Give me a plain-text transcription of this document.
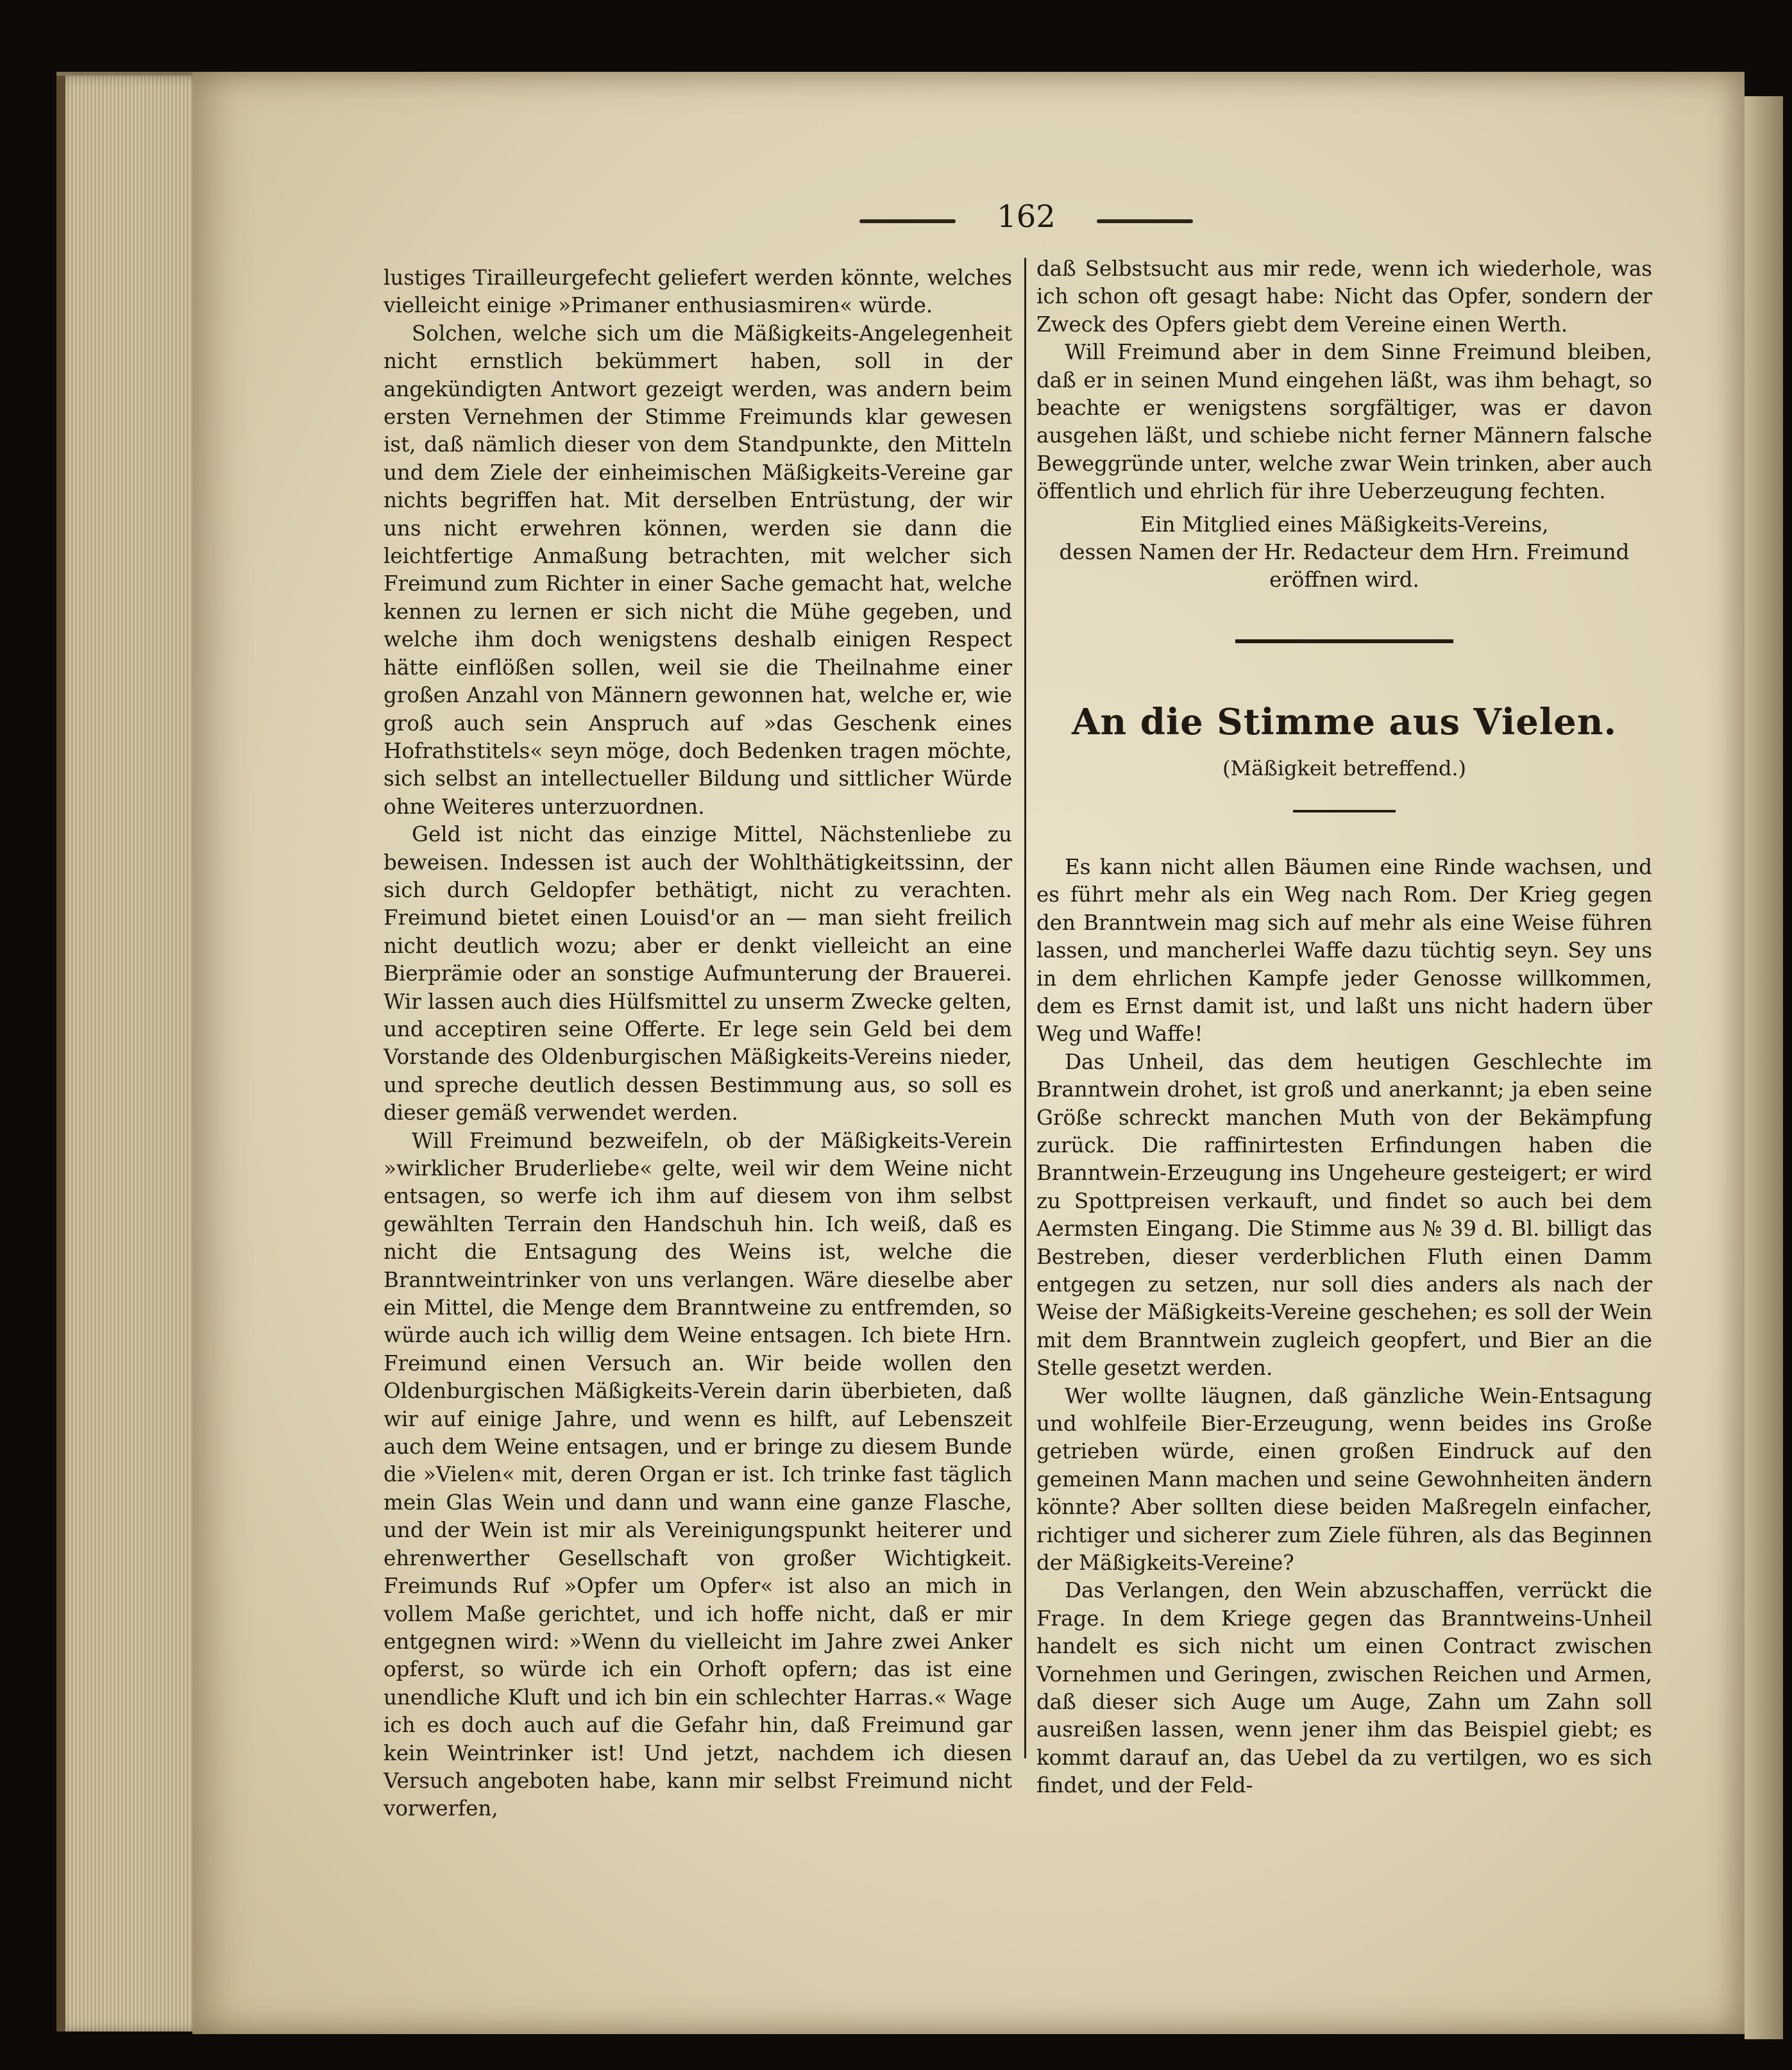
162

lustiges Tirailleurgefecht geliefert werden könnte, welches vielleicht einige »Primaner enthusiasmiren« würde.

Solchen, welche sich um die Mäßigkeits-Angelegenheit nicht ernstlich bekümmert haben, soll in der angekündigten Antwort gezeigt werden, was andern beim ersten Vernehmen der Stimme Freimunds klar gewesen ist, daß nämlich dieser von dem Standpunkte, den Mitteln und dem Ziele der einheimischen Mäßigkeits-Vereine gar nichts begriffen hat. Mit derselben Entrüstung, der wir uns nicht erwehren können, werden sie dann die leichtfertige Anmaßung betrachten, mit welcher sich Freimund zum Richter in einer Sache gemacht hat, welche kennen zu lernen er sich nicht die Mühe gegeben, und welche ihm doch wenigstens deshalb einigen Respect hätte einflößen sollen, weil sie die Theilnahme einer großen Anzahl von Männern gewonnen hat, welche er, wie groß auch sein Anspruch auf »das Geschenk eines Hofrathstitels« seyn möge, doch Bedenken tragen möchte, sich selbst an intellectueller Bildung und sittlicher Würde ohne Weiteres unterzuordnen.

Geld ist nicht das einzige Mittel, Nächstenliebe zu beweisen. Indessen ist auch der Wohlthätigkeitssinn, der sich durch Geldopfer bethätigt, nicht zu verachten. Freimund bietet einen Louisd'or an — man sieht freilich nicht deutlich wozu; aber er denkt vielleicht an eine Bierprämie oder an sonstige Aufmunterung der Brauerei. Wir lassen auch dies Hülfsmittel zu unserm Zwecke gelten, und acceptiren seine Offerte. Er lege sein Geld bei dem Vorstande des Oldenburgischen Mäßigkeits-Vereins nieder, und spreche deutlich dessen Bestimmung aus, so soll es dieser gemäß verwendet werden.

Will Freimund bezweifeln, ob der Mäßigkeits-Verein »wirklicher Bruderliebe« gelte, weil wir dem Weine nicht entsagen, so werfe ich ihm auf diesem von ihm selbst gewählten Terrain den Handschuh hin. Ich weiß, daß es nicht die Entsagung des Weins ist, welche die Branntweintrinker von uns verlangen. Wäre dieselbe aber ein Mittel, die Menge dem Branntweine zu entfremden, so würde auch ich willig dem Weine entsagen. Ich biete Hrn. Freimund einen Versuch an. Wir beide wollen den Oldenburgischen Mäßigkeits-Verein darin überbieten, daß wir auf einige Jahre, und wenn es hilft, auf Lebenszeit auch dem Weine entsagen, und er bringe zu diesem Bunde die »Vielen« mit, deren Organ er ist. Ich trinke fast täglich mein Glas Wein und dann und wann eine ganze Flasche, und der Wein ist mir als Vereinigungspunkt heiterer und ehrenwerther Gesellschaft von großer Wichtigkeit. Freimunds Ruf »Opfer um Opfer« ist also an mich in vollem Maße gerichtet, und ich hoffe nicht, daß er mir entgegnen wird: »Wenn du vielleicht im Jahre zwei Anker opferst, so würde ich ein Orhoft opfern; das ist eine unendliche Kluft und ich bin ein schlechter Harras.« Wage ich es doch auch auf die Gefahr hin, daß Freimund gar kein Weintrinker ist! Und jetzt, nachdem ich diesen Versuch angeboten habe, kann mir selbst Freimund nicht vorwerfen,

daß Selbstsucht aus mir rede, wenn ich wiederhole, was ich schon oft gesagt habe: Nicht das Opfer, sondern der Zweck des Opfers giebt dem Vereine einen Werth.

Will Freimund aber in dem Sinne Freimund bleiben, daß er in seinen Mund eingehen läßt, was ihm behagt, so beachte er wenigstens sorgfältiger, was er davon ausgehen läßt, und schiebe nicht ferner Männern falsche Beweggründe unter, welche zwar Wein trinken, aber auch öffentlich und ehrlich für ihre Ueberzeugung fechten.

Ein Mitglied eines Mäßigkeits-Vereins,

dessen Namen der Hr. Redacteur dem Hrn. Freimund

eröffnen wird.

An die Stimme aus Vielen.
(Mäßigkeit betreffend.)

Es kann nicht allen Bäumen eine Rinde wachsen, und es führt mehr als ein Weg nach Rom. Der Krieg gegen den Branntwein mag sich auf mehr als eine Weise führen lassen, und mancherlei Waffe dazu tüchtig seyn. Sey uns in dem ehrlichen Kampfe jeder Genosse willkommen, dem es Ernst damit ist, und laßt uns nicht hadern über Weg und Waffe!

Das Unheil, das dem heutigen Geschlechte im Branntwein drohet, ist groß und anerkannt; ja eben seine Größe schreckt manchen Muth von der Bekämpfung zurück. Die raffinirtesten Erfindungen haben die Branntwein-Erzeugung ins Ungeheure gesteigert; er wird zu Spottpreisen verkauft, und findet so auch bei dem Aermsten Eingang. Die Stimme aus № 39 d. Bl. billigt das Bestreben, dieser verderblichen Fluth einen Damm entgegen zu setzen, nur soll dies anders als nach der Weise der Mäßigkeits-Vereine geschehen; es soll der Wein mit dem Branntwein zugleich geopfert, und Bier an die Stelle gesetzt werden.

Wer wollte läugnen, daß gänzliche Wein-Entsagung und wohlfeile Bier-Erzeugung, wenn beides ins Große getrieben würde, einen großen Eindruck auf den gemeinen Mann machen und seine Gewohnheiten ändern könnte? Aber sollten diese beiden Maßregeln einfacher, richtiger und sicherer zum Ziele führen, als das Beginnen der Mäßigkeits-Vereine?

Das Verlangen, den Wein abzuschaffen, verrückt die Frage. In dem Kriege gegen das Branntweins-Unheil handelt es sich nicht um einen Contract zwischen Vornehmen und Geringen, zwischen Reichen und Armen, daß dieser sich Auge um Auge, Zahn um Zahn soll ausreißen lassen, wenn jener ihm das Beispiel giebt; es kommt darauf an, das Uebel da zu vertilgen, wo es sich findet, und der Feld-
